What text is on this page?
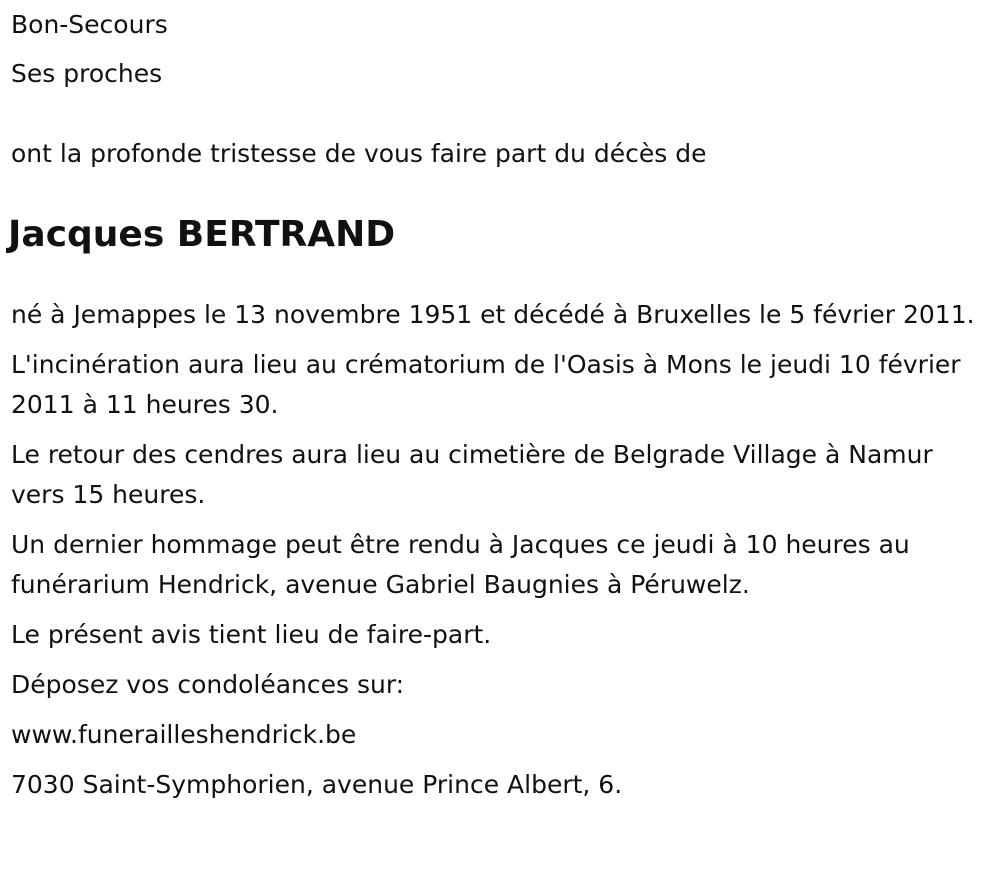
Bon-Secours

Ses proches

ont la profonde tristesse de vous faire part du décès de

Jacques BERTRAND

né à Jemappes le 13 novembre 1951 et décédé à Bruxelles le 5 février 2011.

L'incinération aura lieu au crématorium de l'Oasis à Mons le jeudi 10 février 2011 à 11 heures 30.

Le retour des cendres aura lieu au cimetière de Belgrade Village à Namur vers 15 heures.

Un dernier hommage peut être rendu à Jacques ce jeudi à 10 heures au funérarium Hendrick, avenue Gabriel Baugnies à Péruwelz.

Le présent avis tient lieu de faire-part.

Déposez vos condoléances sur:

www.funerailleshendrick.be

7030 Saint-Symphorien, avenue Prince Albert, 6.
